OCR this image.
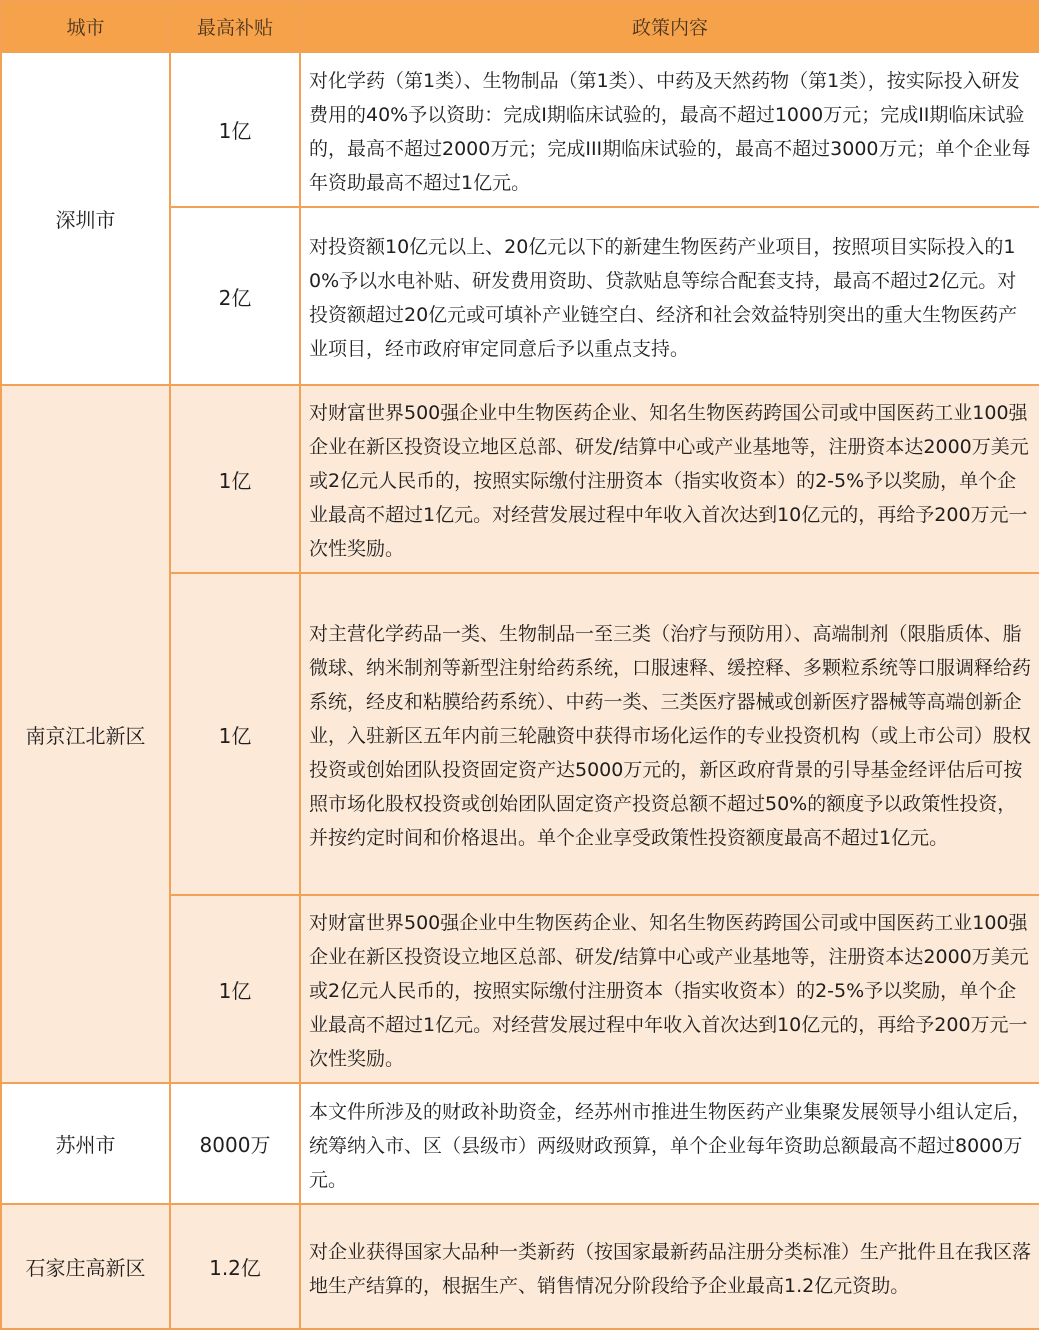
城市	最高补贴	政策内容
深圳市	1亿	对化学药（第1类）、生物制品（第1类）、中药及天然药物（第1类），按实际投入研发费用的40%予以资助：完成I期临床试验的，最高不超过1000万元；完成II期临床试验的，最高不超过2000万元；完成III期临床试验的，最高不超过3000万元；单个企业每年资助最高不超过1亿元。
	2亿	对投资额10亿元以上、20亿元以下的新建生物医药产业项目，按照项目实际投入的10%予以水电补贴、研发费用资助、贷款贴息等综合配套支持，最高不超过2亿元。对投资额超过20亿元或可填补产业链空白、经济和社会效益特别突出的重大生物医药产业项目，经市政府审定同意后予以重点支持。
南京江北新区	1亿	对财富世界500强企业中生物医药企业、知名生物医药跨国公司或中国医药工业100强企业在新区投资设立地区总部、研发/结算中心或产业基地等，注册资本达2000万美元或2亿元人民币的，按照实际缴付注册资本（指实收资本）的2-5%予以奖励，单个企业最高不超过1亿元。对经营发展过程中年收入首次达到10亿元的，再给予200万元一次性奖励。
	1亿	对主营化学药品一类、生物制品一至三类（治疗与预防用）、高端制剂（限脂质体、脂微球、纳米制剂等新型注射给药系统，口服速释、缓控释、多颗粒系统等口服调释给药系统，经皮和粘膜给药系统）、中药一类、三类医疗器械或创新医疗器械等高端创新企业，入驻新区五年内前三轮融资中获得市场化运作的专业投资机构（或上市公司）股权投资或创始团队投资固定资产达5000万元的，新区政府背景的引导基金经评估后可按照市场化股权投资或创始团队固定资产投资总额不超过50%的额度予以政策性投资，并按约定时间和价格退出。单个企业享受政策性投资额度最高不超过1亿元。
	1亿	对财富世界500强企业中生物医药企业、知名生物医药跨国公司或中国医药工业100强企业在新区投资设立地区总部、研发/结算中心或产业基地等，注册资本达2000万美元或2亿元人民币的，按照实际缴付注册资本（指实收资本）的2-5%予以奖励，单个企业最高不超过1亿元。对经营发展过程中年收入首次达到10亿元的，再给予200万元一次性奖励。
苏州市	8000万	本文件所涉及的财政补助资金，经苏州市推进生物医药产业集聚发展领导小组认定后，统筹纳入市、区（县级市）两级财政预算，单个企业每年资助总额最高不超过8000万元。
石家庄高新区	1.2亿	对企业获得国家大品种一类新药（按国家最新药品注册分类标准）生产批件且在我区落地生产结算的，根据生产、销售情况分阶段给予企业最高1.2亿元资助。
